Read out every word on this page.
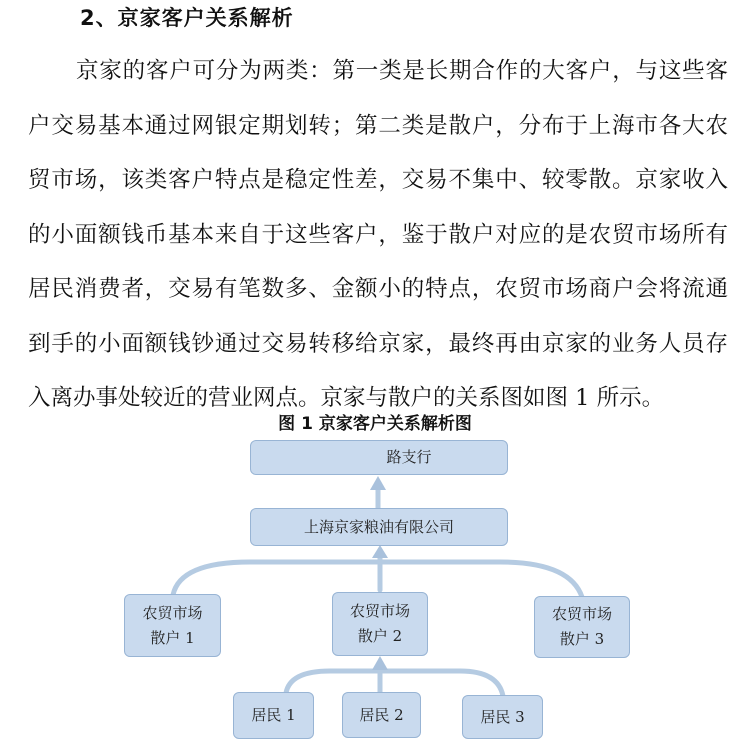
2、京家客户关系解析
京家的客户可分为两类：第一类是长期合作的大客户，与这些客
户交易基本通过网银定期划转；第二类是散户，分布于上海市各大农
贸市场，该类客户特点是稳定性差，交易不集中、较零散。京家收入
的小面额钱币基本来自于这些客户，鉴于散户对应的是农贸市场所有
居民消费者，交易有笔数多、金额小的特点，农贸市场商户会将流通
到手的小面额钱钞通过交易转移给京家，最终再由京家的业务人员存
入离办事处较近的营业网点。京家与散户的关系图如图 1 所示。
图 1 京家客户关系解析图
路支行
上海京家粮油有限公司
农贸市场
散户 1
农贸市场
散户 2
农贸市场
散户 3
居民 1	居民 2	居民 3
